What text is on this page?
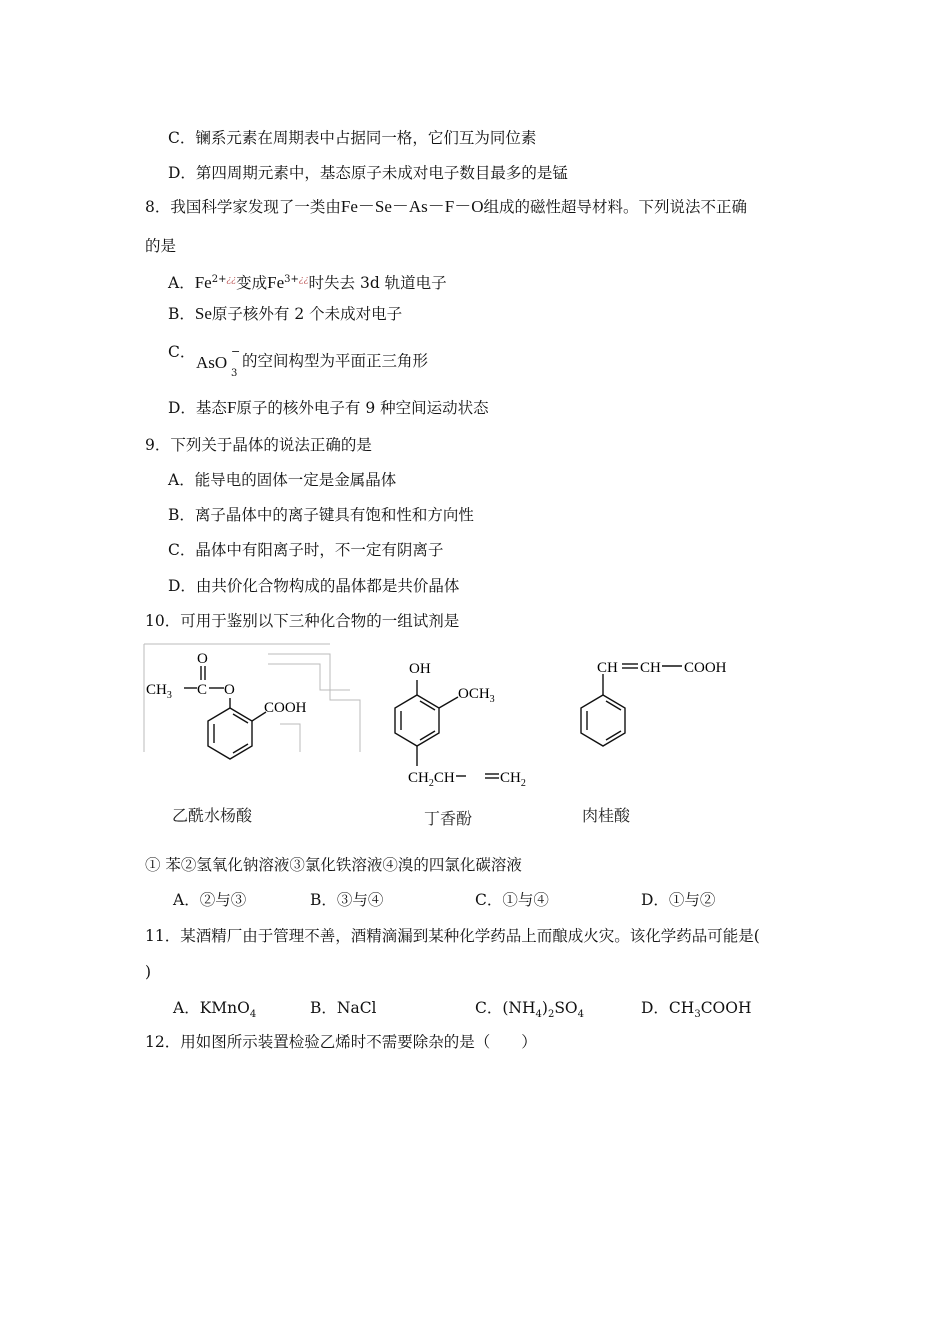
C．镧系元素在周期表中占据同一格，它们互为同位素
D．第四周期元素中，基态原子未成对电子数目最多的是锰
8．我国科学家发现了一类由Fe－Se－As－F－O组成的磁性超导材料。下列说法不正确
的是
A．$Fe^{2+¿¿}$变成$Fe^{3+¿¿}$时失去 3d 轨道电子
B．Se原子核外有 2 个未成对电子
C．
AsO
3
−
的空间构型为平面正三角形
D．基态F原子的核外电子有 9 种空间运动状态
9．下列关于晶体的说法正确的是
A．能导电的固体一定是金属晶体
B．离子晶体中的离子键具有饱和性和方向性
C．晶体中有阳离子时，不一定有阴离子
D．由共价化合物构成的晶体都是共价晶体
10．可用于鉴别以下三种化合物的一组试剂是
O
$CH_3$ C O
COOH
OH
$OCH_3$
$CH_2CH$	$CH_2$
CH CH COOH
乙酰水杨酸	丁香酚	肉桂酸
① 苯②氢氧化钠溶液③氯化铁溶液④溴的四氯化碳溶液
A．②与③	B．③与④	C．①与④	D．①与②
11．某酒精厂由于管理不善，酒精滴漏到某种化学药品上而酿成火灾。该化学药品可能是(
)
A．KMnO$_4$	B．NaCl	C．$(NH_4)_2SO_4$	D．$CH_3COOH$
12．用如图所示装置检验乙烯时不需要除杂的是（　　）
